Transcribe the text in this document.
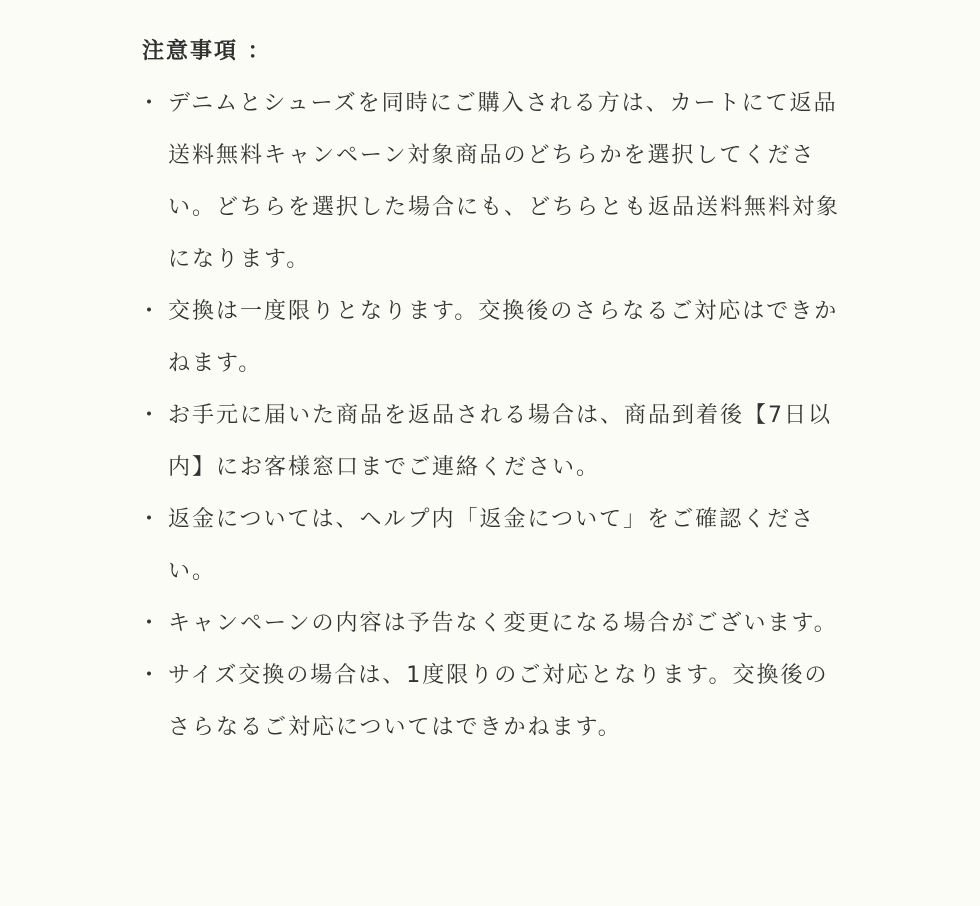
注意事項 ：
・ デニムとシューズを同時にご購入される方は、カートにて返品送料無料キャンペーン対象商品のどちらかを選択してください。どちらを選択した場合にも、どちらとも返品送料無料対象になります。
・ 交換は一度限りとなります。交換後のさらなるご対応はできかねます。
・ お手元に届いた商品を返品される場合は、商品到着後【7日以内】にお客様窓口までご連絡ください。
・ 返金については、ヘルプ内「返金について」をご確認ください。
・ キャンペーンの内容は予告なく変更になる場合がございます。
・ サイズ交換の場合は、1度限りのご対応となります。交換後のさらなるご対応についてはできかねます。
